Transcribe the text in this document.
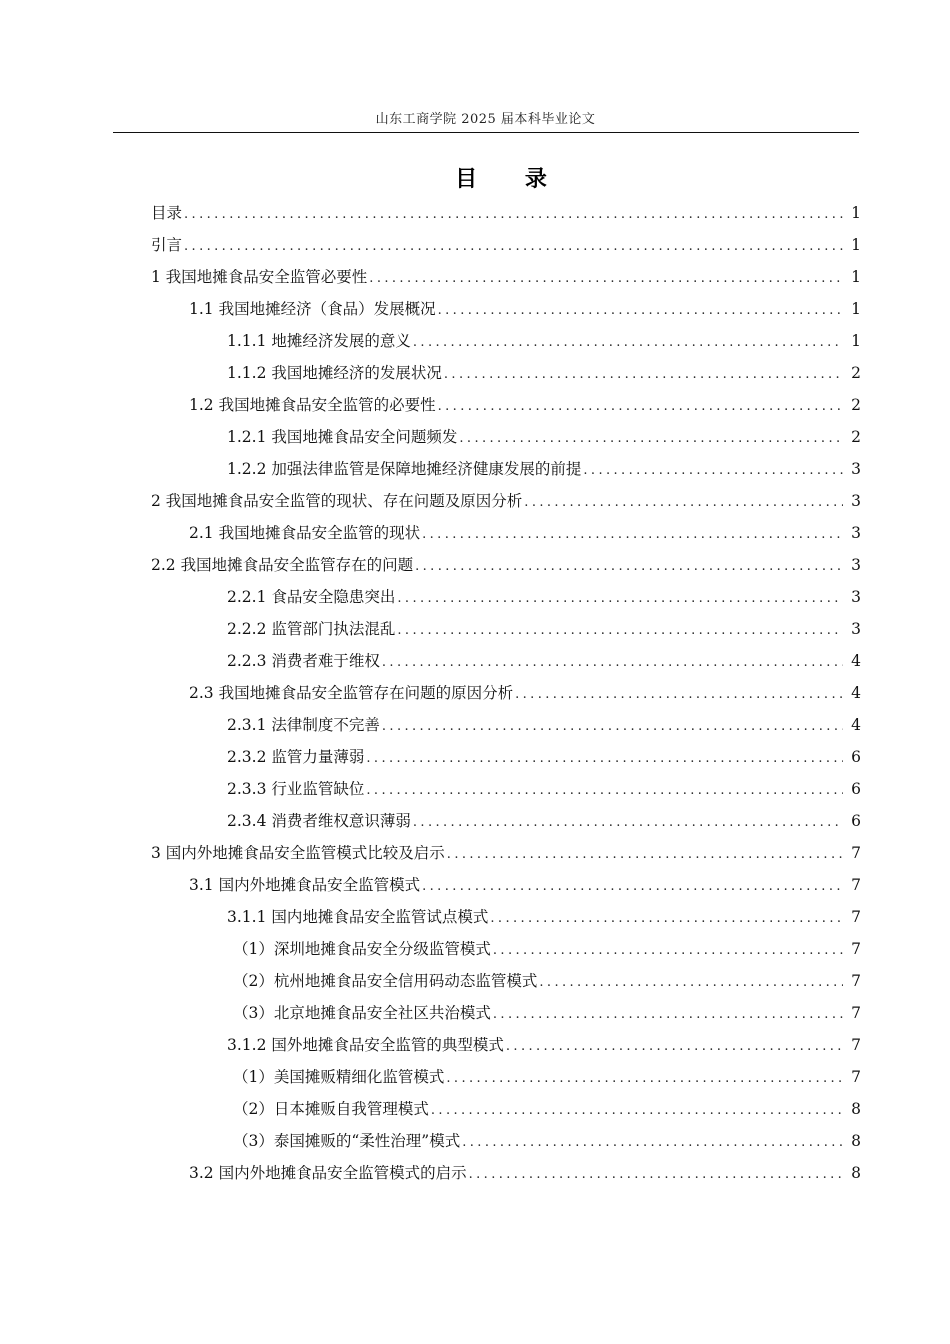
山东工商学院 2025 届本科毕业论文
目 录
目录 .....	1
引言 .....	1
1 我国地摊食品安全监管必要性 .....	1
1.1 我国地摊经济（食品）发展概况 .....	1
1.1.1 地摊经济发展的意义 .....	1
1.1.2 我国地摊经济的发展状况 .....	2
1.2 我国地摊食品安全监管的必要性 .....	2
1.2.1 我国地摊食品安全问题频发 .....	2
1.2.2 加强法律监管是保障地摊经济健康发展的前提 .....	3
2 我国地摊食品安全监管的现状、存在问题及原因分析 .....	3
2.1 我国地摊食品安全监管的现状 .....	3
2.2 我国地摊食品安全监管存在的问题 .....	3
2.2.1 食品安全隐患突出 .....	3
2.2.2 监管部门执法混乱 .....	3
2.2.3 消费者难于维权 .....	4
2.3 我国地摊食品安全监管存在问题的原因分析 .....	4
2.3.1 法律制度不完善 .....	4
2.3.2 监管力量薄弱 .....	6
2.3.3 行业监管缺位 .....	6
2.3.4 消费者维权意识薄弱 .....	6
3 国内外地摊食品安全监管模式比较及启示 .....	7
3.1 国内外地摊食品安全监管模式 .....	7
3.1.1 国内地摊食品安全监管试点模式 .....	7
（1）深圳地摊食品安全分级监管模式 .....	7
（2）杭州地摊食品安全信用码动态监管模式 .....	7
（3）北京地摊食品安全社区共治模式 .....	7
3.1.2 国外地摊食品安全监管的典型模式 .....	7
（1）美国摊贩精细化监管模式 .....	7
（2）日本摊贩自我管理模式 .....	8
（3）泰国摊贩的“柔性治理”模式 .....	8
3.2 国内外地摊食品安全监管模式的启示 .....	8
